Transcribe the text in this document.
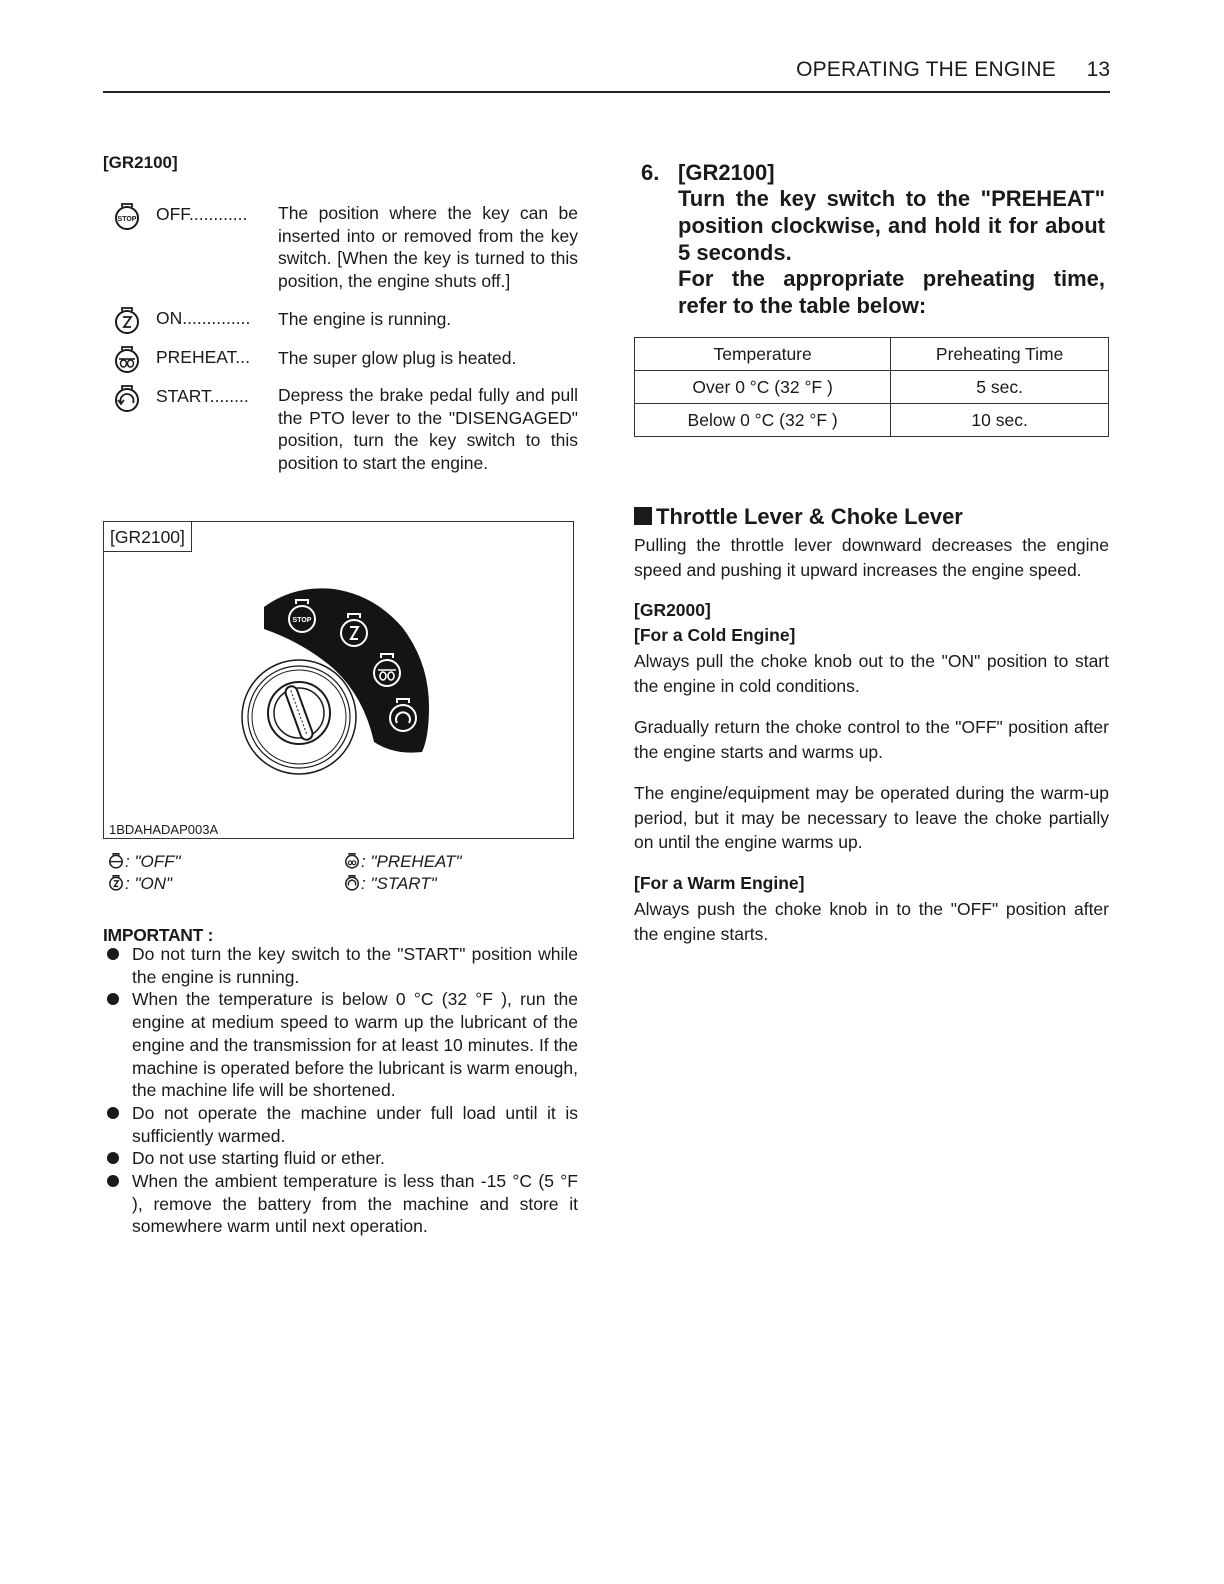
OPERATING THE ENGINE	13
[GR2100]
STOP OFF............ The position where the key can be inserted into or removed from the key switch. [When the key is turned to this position, the engine shuts off.]
ON.............. The engine is running.
PREHEAT... The super glow plug is heated.
START........ Depress the brake pedal fully and pull the PTO lever to the "DISENGAGED" position, turn the key switch to this position to start the engine.
[GR2100]
STOP
1BDAHADAP003A
: "OFF"
: "ON"
: "PREHEAT"
: "START"
IMPORTANT :
Do not turn the key switch to the "START" position while the engine is running.
When the temperature is below 0 °C (32 °F ), run the engine at medium speed to warm up the lubricant of the engine and the transmission for at least 10 minutes. If the machine is operated before the lubricant is warm enough, the machine life will be shortened.
Do not operate the machine under full load until it is sufficiently warmed.
Do not use starting fluid or ether.
When the ambient temperature is less than -15 °C (5 °F ), remove the battery from the machine and store it somewhere warm until next operation.
6. [GR2100]
Turn the key switch to the "PREHEAT" position clockwise, and hold it for about 5 seconds.
For the appropriate preheating time, refer to the table below:
Temperature	Preheating Time
Over 0 °C (32 °F )	5 sec.
Below 0 °C (32 °F )	10 sec.
Throttle Lever & Choke Lever
Pulling the throttle lever downward decreases the engine speed and pushing it upward increases the engine speed.
[GR2000]
[For a Cold Engine]
Always pull the choke knob out to the "ON" position to start the engine in cold conditions.
Gradually return the choke control to the "OFF" position after the engine starts and warms up.
The engine/equipment may be operated during the warm-up period, but it may be necessary to leave the choke partially on until the engine warms up.
[For a Warm Engine]
Always push the choke knob in to the "OFF" position after the engine starts.
